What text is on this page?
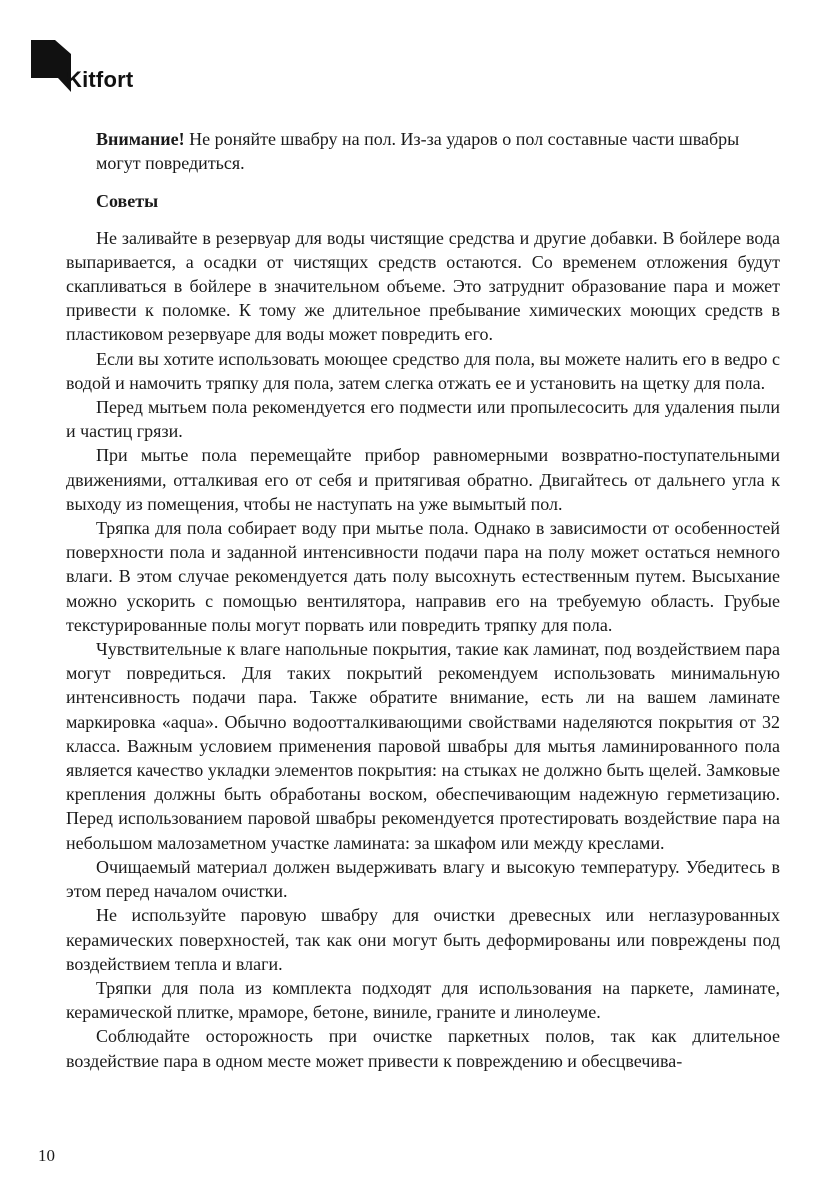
Kitfort

Внимание! Не роняйте швабру на пол. Из-за ударов о пол составные части швабры могут повредиться.

Советы

Не заливайте в резервуар для воды чистящие средства и другие добавки. В бойлере вода выпаривается, а осадки от чистящих средств остаются. Со временем отложения будут скапливаться в бойлере в значительном объеме. Это затруднит образование пара и может привести к поломке. К тому же длительное пребывание химических моющих средств в пластиковом резервуаре для воды может повредить его.

Если вы хотите использовать моющее средство для пола, вы можете налить его в ведро с водой и намочить тряпку для пола, затем слегка отжать ее и установить на щетку для пола.

Перед мытьем пола рекомендуется его подмести или пропылесосить для удаления пыли и частиц грязи.

При мытье пола перемещайте прибор равномерными возвратно-поступательными движениями, отталкивая его от себя и притягивая обратно. Двигайтесь от дальнего угла к выходу из помещения, чтобы не наступать на уже вымытый пол.

Тряпка для пола собирает воду при мытье пола. Однако в зависимости от особенностей поверхности пола и заданной интенсивности подачи пара на полу может остаться немного влаги. В этом случае рекомендуется дать полу высохнуть естественным путем. Высыхание можно ускорить с помощью вентилятора, направив его на требуемую область. Грубые текстурированные полы могут порвать или повредить тряпку для пола.

Чувствительные к влаге напольные покрытия, такие как ламинат, под воздействием пара могут повредиться. Для таких покрытий рекомендуем использовать минимальную интенсивность подачи пара. Также обратите внимание, есть ли на вашем ламинате маркировка «aqua». Обычно водоотталкивающими свойствами наделяются покрытия от 32 класса. Важным условием применения паровой швабры для мытья ламинированного пола является качество укладки элементов покрытия: на стыках не должно быть щелей. Замковые крепления должны быть обработаны воском, обеспечивающим надежную герметизацию. Перед использованием паровой швабры рекомендуется протестировать воздействие пара на небольшом малозаметном участке ламината: за шкафом или между креслами.

Очищаемый материал должен выдерживать влагу и высокую температуру. Убедитесь в этом перед началом очистки.

Не используйте паровую швабру для очистки древесных или неглазурованных керамических поверхностей, так как они могут быть деформированы или повреждены под воздействием тепла и влаги.

Тряпки для пола из комплекта подходят для использования на паркете, ламинате, керамической плитке, мраморе, бетоне, виниле, граните и линолеуме.

Соблюдайте осторожность при очистке паркетных полов, так как длительное воздействие пара в одном месте может привести к повреждению и обесцвечива-

10
